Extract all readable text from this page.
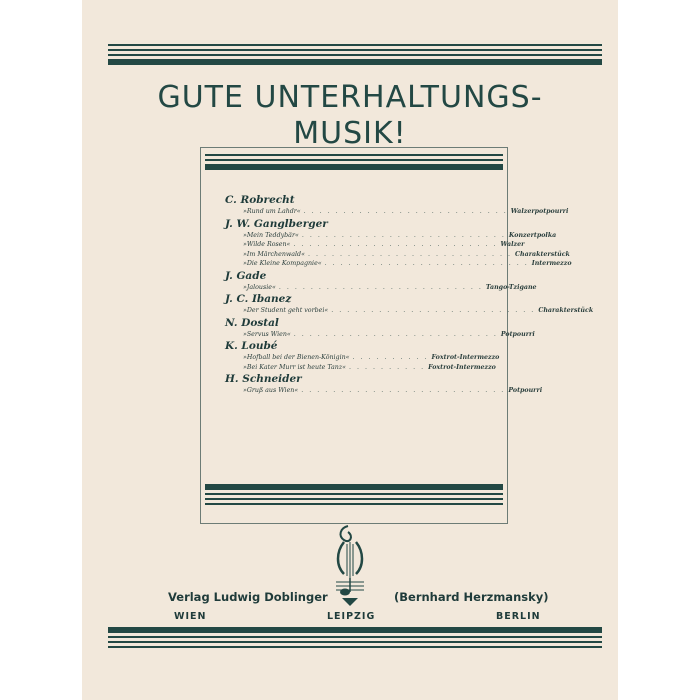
GUTE UNTERHALTUNGS-
MUSIK!
C. Robrecht
»Rund um Lahdr« . . . . . . . . . . . . . . . . . . . . . . . . . . Walzerpotpourri
J. W. Ganglberger
»Mein Teddybär« . . . . . . . . . . . . . . . . . . . . . . . . . . Konzertpolka
»Wilde Rosen« . . . . . . . . . . . . . . . . . . . . . . . . . . Walzer
»Im Märchenwald« . . . . . . . . . . . . . . . . . . . . . . . . . . Charakterstück
»Die Kleine Kompagnie« . . . . . . . . . . . . . . . . . . . . . . . . . . Intermezzo
J. Gade
»Jalousie« . . . . . . . . . . . . . . . . . . . . . . . . . . Tango-Tzigane
J. C. Ibanez
»Der Student geht vorbei« . . . . . . . . . . . . . . . . . . . . . . . . . . Charakterstück
N. Dostal
»Servus Wien« . . . . . . . . . . . . . . . . . . . . . . . . . . Potpourri
K. Loubé
»Hofball bei der Bienen-Königin« . . . . . . . . . . Foxtrot-Intermezzo
»Bei Kater Murr ist heute Tanz« . . . . . . . . . . Foxtrot-Intermezzo
H. Schneider
»Gruß aus Wien« . . . . . . . . . . . . . . . . . . . . . . . . . . Potpourri
Verlag Ludwig Doblinger	(Bernhard Herzmansky)
WIEN	LEIPZIG	BERLIN
